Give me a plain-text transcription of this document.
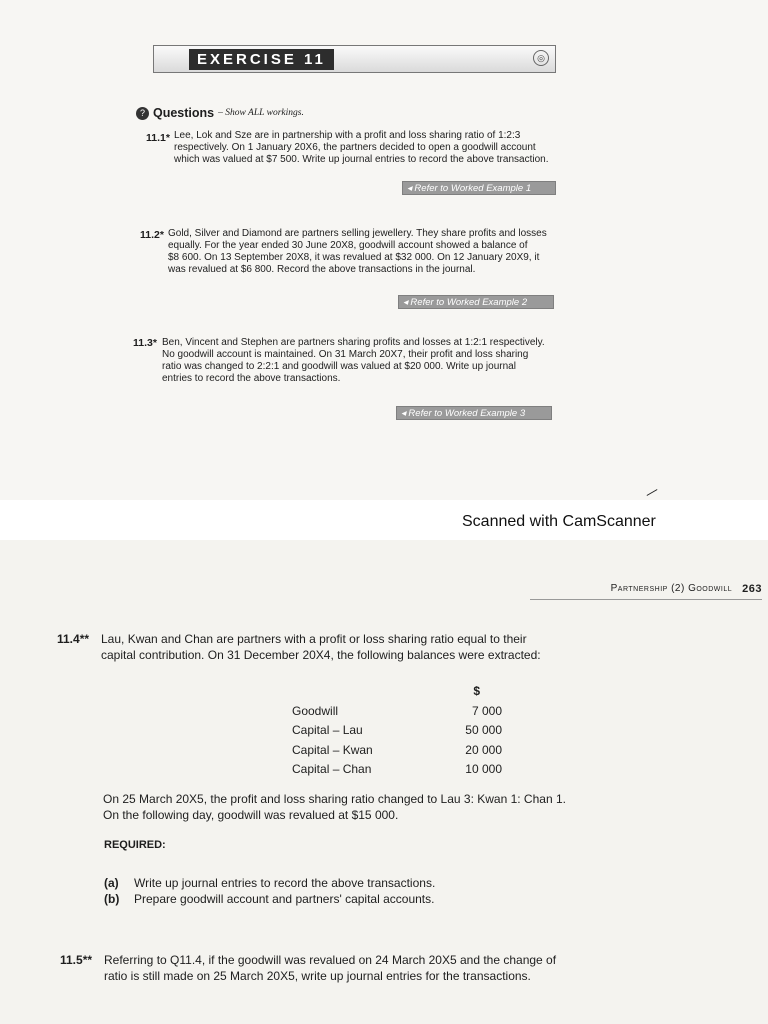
EXERCISE 11	◎
? Questions – Show ALL workings.
11.1* Lee, Lok and Sze are in partnership with a profit and loss sharing ratio of 1:2:3
respectively. On 1 January 20X6, the partners decided to open a goodwill account
which was valued at $7 500. Write up journal entries to record the above transaction.
◂ Refer to Worked Example 1
11.2* Gold, Silver and Diamond are partners selling jewellery. They share profits and losses
equally. For the year ended 30 June 20X8, goodwill account showed a balance of
$8 600. On 13 September 20X8, it was revalued at $32 000. On 12 January 20X9, it
was revalued at $6 800. Record the above transactions in the journal.
◂ Refer to Worked Example 2
11.3* Ben, Vincent and Stephen are partners sharing profits and losses at 1:2:1 respectively.
No goodwill account is maintained. On 31 March 20X7, their profit and loss sharing
ratio was changed to 2:2:1 and goodwill was valued at $20 000. Write up journal
entries to record the above transactions.
◂ Refer to Worked Example 3
Scanned with CamScanner
Partnership (2) Goodwill 263
11.4** Lau, Kwan and Chan are partners with a profit or loss sharing ratio equal to their
capital contribution. On 31 December 20X4, the following balances were extracted:
$
Goodwill	7 000
Capital – Lau	50 000
Capital – Kwan	20 000
Capital – Chan	10 000
On 25 March 20X5, the profit and loss sharing ratio changed to Lau 3: Kwan 1: Chan 1.
On the following day, goodwill was revalued at $15 000.
REQUIRED:
(a)	Write up journal entries to record the above transactions.
(b)	Prepare goodwill account and partners' capital accounts.
11.5** Referring to Q11.4, if the goodwill was revalued on 24 March 20X5 and the change of
ratio is still made on 25 March 20X5, write up journal entries for the transactions.
